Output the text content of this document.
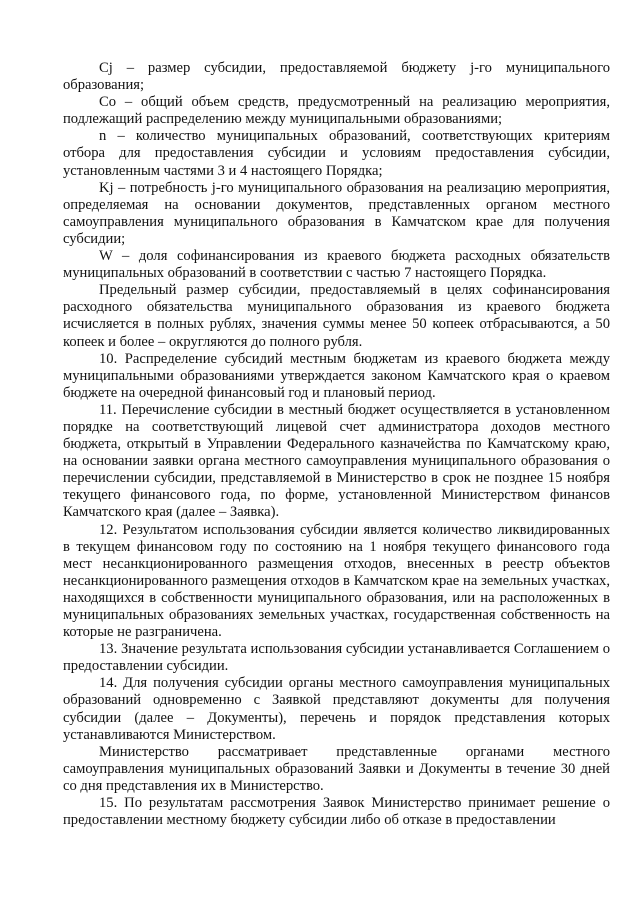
Cj – размер субсидии, предоставляемой бюджету j-го муниципального образования;

Co – общий объем средств, предусмотренный на реализацию мероприятия, подлежащий распределению между муниципальными образованиями;

n – количество муниципальных образований, соответствующих критериям отбора для предоставления субсидии и условиям предоставления субсидии, установленным частями 3 и 4 настоящего Порядка;

Kj – потребность j-го муниципального образования на реализацию мероприятия, определяемая на основании документов, представленных органом местного самоуправления муниципального образования в Камчатском крае для получения субсидии;

W – доля софинансирования из краевого бюджета расходных обязательств муниципальных образований в соответствии с частью 7 настоящего Порядка.

Предельный размер субсидии, предоставляемый в целях софинансирования расходного обязательства муниципального образования из краевого бюджета исчисляется в полных рублях, значения суммы менее 50 копеек отбрасываются, а 50 копеек и более – округляются до полного рубля.

10. Распределение субсидий местным бюджетам из краевого бюджета между муниципальными образованиями утверждается законом Камчатского края о краевом бюджете на очередной финансовый год и плановый период.

11. Перечисление субсидии в местный бюджет осуществляется в установленном порядке на соответствующий лицевой счет администратора доходов местного бюджета, открытый в Управлении Федерального казначейства по Камчатскому краю, на основании заявки органа местного самоуправления муниципального образования о перечислении субсидии, представляемой в Министерство в срок не позднее 15 ноября текущего финансового года, по форме, установленной Министерством финансов Камчатского края (далее – Заявка).

12. Результатом использования субсидии является количество ликвидированных в текущем финансовом году по состоянию на 1 ноября текущего финансового года мест несанкционированного размещения отходов, внесенных в реестр объектов несанкционированного размещения отходов в Камчатском крае на земельных участках, находящихся в собственности муниципального образования, или на расположенных в муниципальных образованиях земельных участках, государственная собственность на которые не разграничена.

13. Значение результата использования субсидии устанавливается Соглашением о предоставлении субсидии.

14. Для получения субсидии органы местного самоуправления муниципальных образований одновременно с Заявкой представляют документы для получения субсидии (далее – Документы), перечень и порядок представления которых устанавливаются Министерством.

Министерство рассматривает представленные органами местного самоуправления муниципальных образований Заявки и Документы в течение 30 дней со дня представления их в Министерство.

15. По результатам рассмотрения Заявок Министерство принимает решение о предоставлении местному бюджету субсидии либо об отказе в предоставлении
